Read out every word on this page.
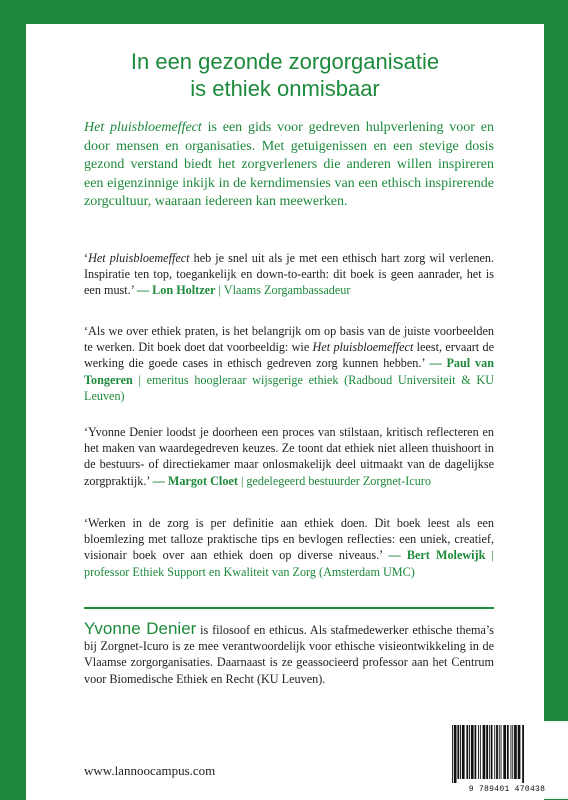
In een gezonde zorgorganisatie
is ethiek onmisbaar

Het pluisbloemeffect is een gids voor gedreven hulpverlening voor en door mensen en organisaties. Met getuigenissen en een stevige dosis gezond verstand biedt het zorgverleners die anderen willen inspireren een eigenzinnige inkijk in de kerndimensies van een ethisch inspirerende zorgcultuur, waaraan iedereen kan meewerken.

‘Het pluisbloemeffect heb je snel uit als je met een ethisch hart zorg wil verlenen. Inspiratie ten top, toegankelijk en down-to-earth: dit boek is geen aanrader, het is een must.’ — Lon Holtzer | Vlaams Zorgambassadeur

‘Als we over ethiek praten, is het belangrijk om op basis van de juiste voorbeelden te werken. Dit boek doet dat voorbeeldig: wie Het pluisbloemeffect leest, ervaart de werking die goede cases in ethisch gedreven zorg kunnen hebben.’ — Paul van Tongeren | emeritus hoogleraar wijsgerige ethiek (Radboud Universiteit & KU Leuven)

‘Yvonne Denier loodst je doorheen een proces van stilstaan, kritisch reflecteren en het maken van waardegedreven keuzes. Ze toont dat ethiek niet alleen thuishoort in de bestuurs- of directiekamer maar onlosmakelijk deel uitmaakt van de dagelijkse zorgpraktijk.’ — Margot Cloet | gedelegeerd bestuurder Zorgnet-Icuro

‘Werken in de zorg is per definitie aan ethiek doen. Dit boek leest als een bloemlezing met talloze praktische tips en bevlogen reflecties: een uniek, creatief, visionair boek over aan ethiek doen op diverse niveaus.’ — Bert Molewijk | professor Ethiek Support en Kwaliteit van Zorg (Amsterdam UMC)

Yvonne Denier is filosoof en ethicus. Als stafmedewerker ethische thema’s bij Zorgnet-Icuro is ze mee verantwoordelijk voor ethische visieontwikkeling in de Vlaamse zorgorganisaties. Daarnaast is ze geassocieerd professor aan het Centrum voor Biomedische Ethiek en Recht (KU Leuven).

www.lannoocampus.com

9 789401 470438
